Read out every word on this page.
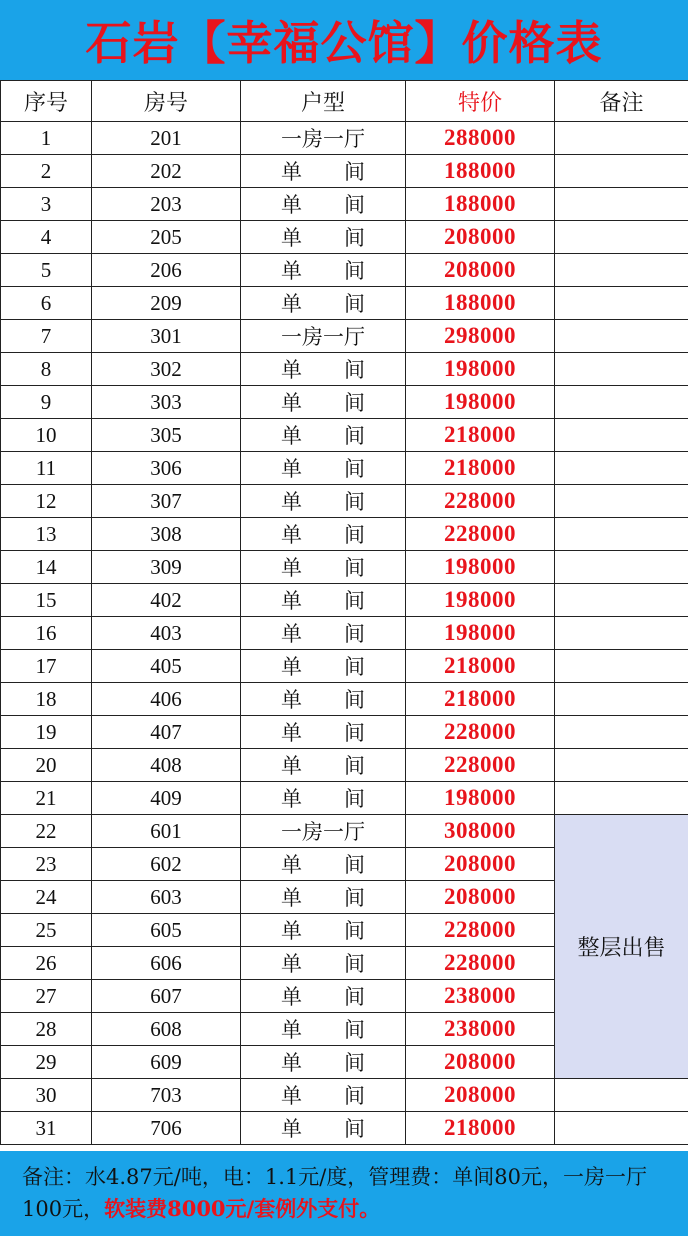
石岩【幸福公馆】价格表
序号	房号	户型	特价	备注
1	201	一房一厅	288000	
2	202	单　　间	188000	
3	203	单　　间	188000	
4	205	单　　间	208000	
5	206	单　　间	208000	
6	209	单　　间	188000	
7	301	一房一厅	298000	
8	302	单　　间	198000	
9	303	单　　间	198000	
10	305	单　　间	218000	
11	306	单　　间	218000	
12	307	单　　间	228000	
13	308	单　　间	228000	
14	309	单　　间	198000	
15	402	单　　间	198000	
16	403	单　　间	198000	
17	405	单　　间	218000	
18	406	单　　间	218000	
19	407	单　　间	228000	
20	408	单　　间	228000	
21	409	单　　间	198000	
22	601	一房一厅	308000	整层出售
23	602	单　　间	208000	
24	603	单　　间	208000	
25	605	单　　间	228000	
26	606	单　　间	228000	
27	607	单　　间	238000	
28	608	单　　间	238000	
29	609	单　　间	208000	
30	703	单　　间	208000	
31	706	单　　间	218000	
备注：水4.87元/吨，电：1.1元/度，管理费：单间80元，一房一厅100元，软装费8000元/套例外支付。
